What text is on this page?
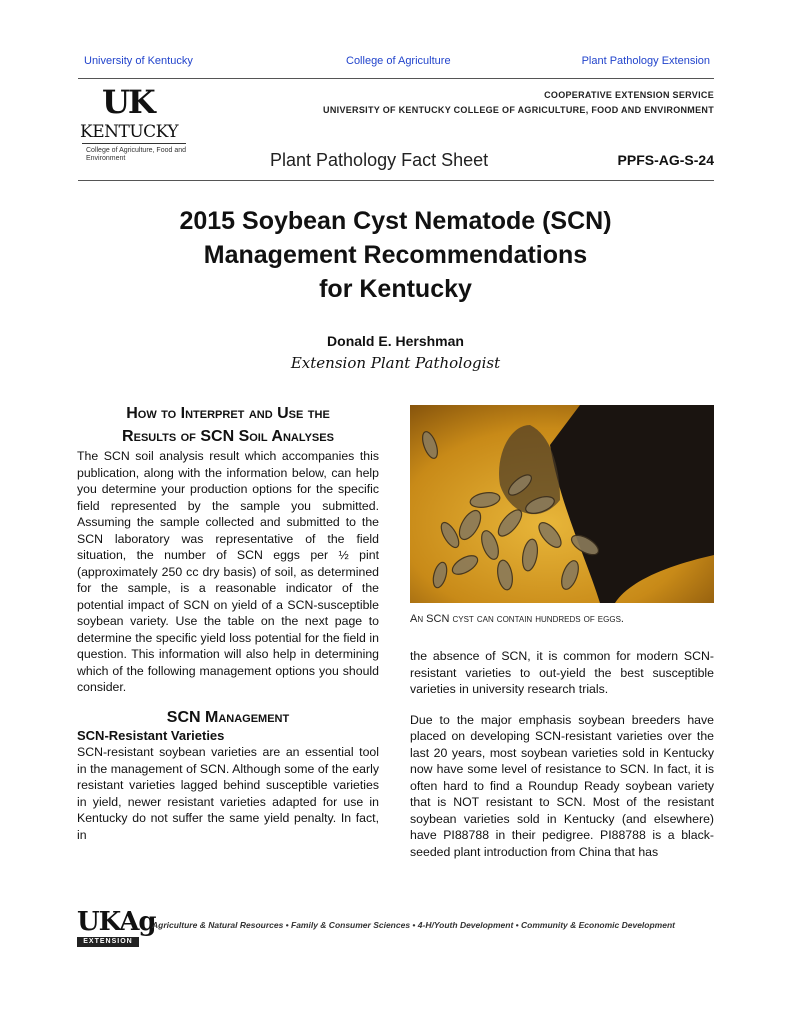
University of Kentucky	College of Agriculture	Plant Pathology Extension
COOPERATIVE EXTENSION SERVICE
UNIVERSITY OF KENTUCKY COLLEGE OF AGRICULTURE, FOOD AND ENVIRONMENT
UK
KENTUCKY
College of Agriculture, Food and Environment	Plant Pathology Fact Sheet	PPFS-AG-S-24
2015 Soybean Cyst Nematode (SCN)
Management Recommendations
for Kentucky
Donald E. Hershman
Extension Plant Pathologist

How to Interpret and Use the
Results of SCN Soil Analyses

The SCN soil analysis result which accompanies this publication, along with the information below, can help you determine your production options for the specific field represented by the sample you submitted. Assuming the sample collected and submitted to the SCN laboratory was representative of the field situation, the number of SCN eggs per ½ pint (approximately 250 cc dry basis) of soil, as determined for the sample, is a reasonable indicator of the potential impact of SCN on yield of a SCN-susceptible soybean variety. Use the table on the next page to determine the specific yield loss potential for the field in question. This information will also help in determining which of the following management options you should consider.

SCN Management

SCN-Resistant Varieties

SCN-resistant soybean varieties are an essential tool in the management of SCN. Although some of the early resistant varieties lagged behind susceptible varieties in yield, newer resistant varieties adapted for use in Kentucky do not suffer the same yield penalty. In fact, in

An SCN cyst can contain hundreds of eggs.

the absence of SCN, it is common for modern SCN-resistant varieties to out-yield the best susceptible varieties in university research trials.

Due to the major emphasis soybean breeders have placed on developing SCN-resistant varieties over the last 20 years, most soybean varieties sold in Kentucky now have some level of resistance to SCN. In fact, it is often hard to find a Roundup Ready soybean variety that is NOT resistant to SCN. Most of the resistant soybean varieties sold in Kentucky (and elsewhere) have PI88788 in their pedigree. PI88788 is a black-seeded plant introduction from China that has

UKAg
EXTENSION
Agriculture & Natural Resources • Family & Consumer Sciences • 4-H/Youth Development • Community & Economic Development
